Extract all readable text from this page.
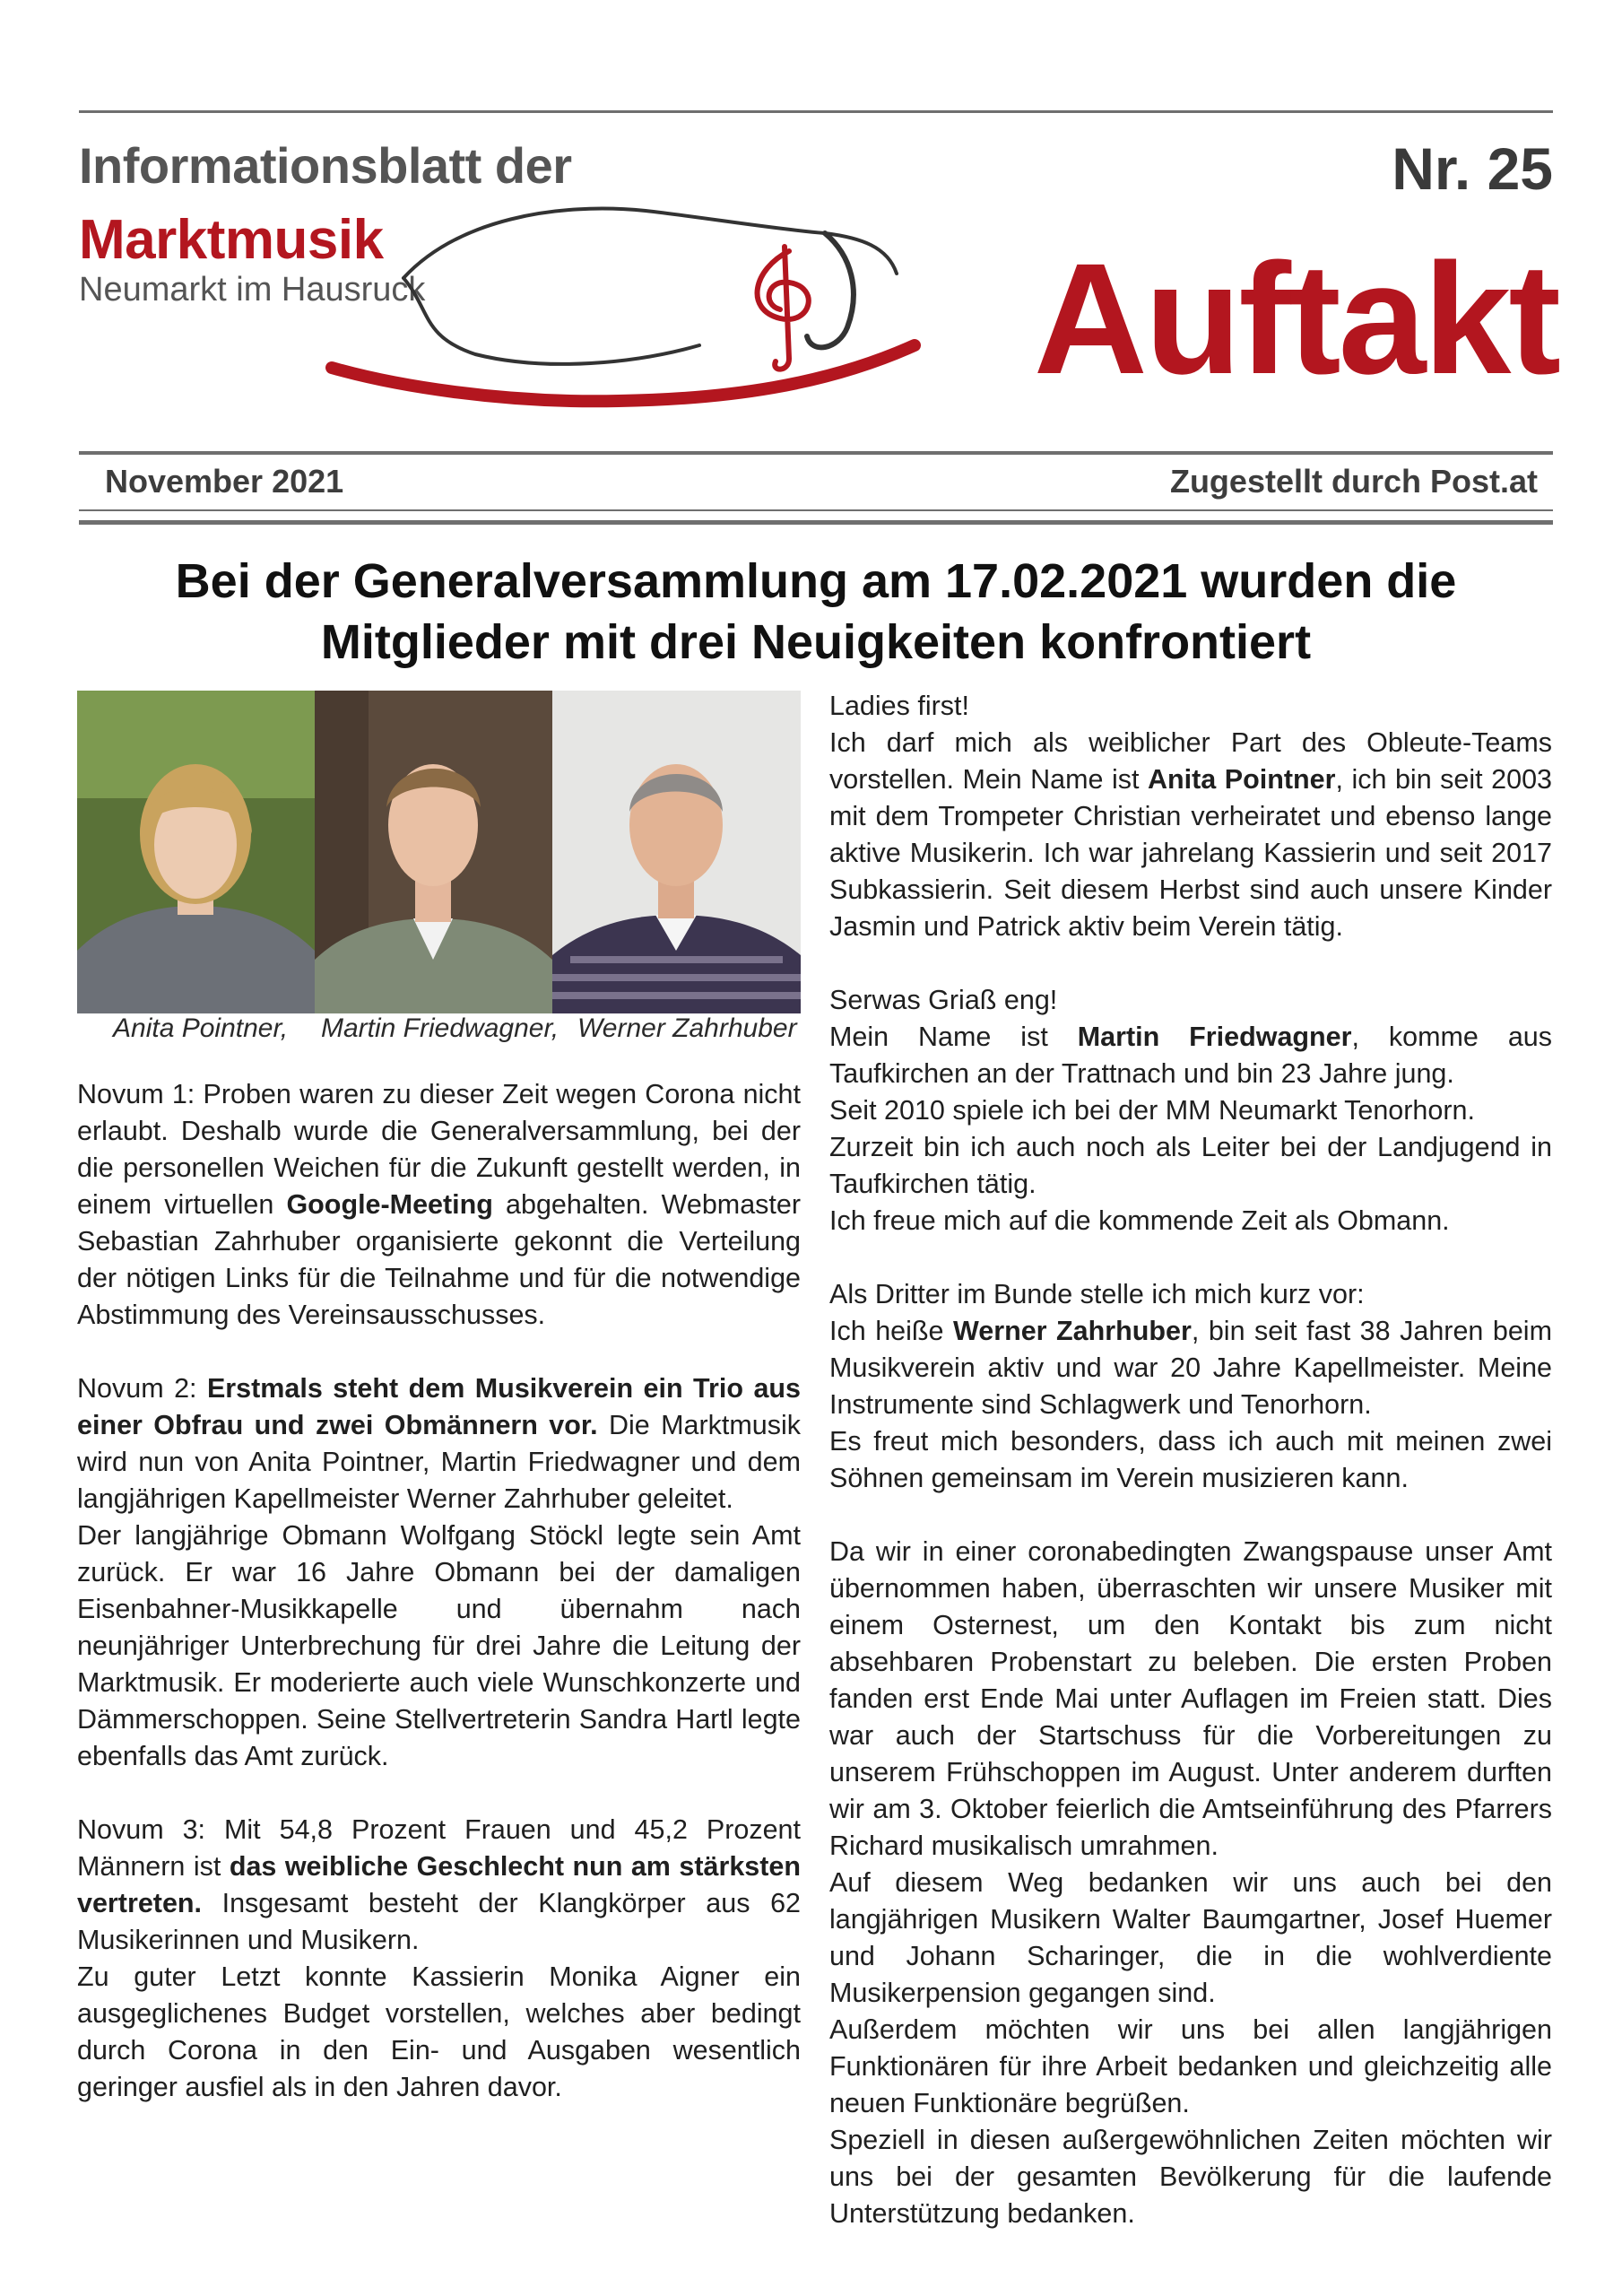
Informationsblatt der
Marktmusik
Neumarkt im Hausruck
Nr. 25
Auftakt
November 2021	Zugestellt durch Post.at
Bei der Generalversammlung am 17.02.2021 wurden die
Mitglieder mit drei Neuigkeiten konfrontiert
Anita Pointner, Martin Friedwagner, Werner Zahrhuber

Novum 1: Proben waren zu dieser Zeit wegen Corona nicht erlaubt. Deshalb wurde die Generalversammlung, bei der die personellen Weichen für die Zukunft gestellt werden, in einem virtuellen Google-Meeting abgehalten. Webmaster Sebastian Zahrhuber organisierte gekonnt die Verteilung der nötigen Links für die Teilnahme und für die notwendige Abstimmung des Vereinsausschusses.

Novum 2: Erstmals steht dem Musikverein ein Trio aus einer Obfrau und zwei Obmännern vor. Die Marktmusik wird nun von Anita Pointner, Martin Friedwagner und dem langjährigen Kapellmeister Werner Zahrhuber geleitet.
Der langjährige Obmann Wolfgang Stöckl legte sein Amt zurück. Er war 16 Jahre Obmann bei der damaligen Eisenbahner-Musikkapelle und übernahm nach neunjähriger Unterbrechung für drei Jahre die Leitung der Marktmusik. Er moderierte auch viele Wunschkonzerte und Dämmerschoppen. Seine Stellvertreterin Sandra Hartl legte ebenfalls das Amt zurück.

Novum 3: Mit 54,8 Prozent Frauen und 45,2 Prozent Männern ist das weibliche Geschlecht nun am stärksten vertreten. Insgesamt besteht der Klangkörper aus 62 Musikerinnen und Musikern.
Zu guter Letzt konnte Kassierin Monika Aigner ein ausgeglichenes Budget vorstellen, welches aber bedingt durch Corona in den Ein- und Ausgaben wesentlich geringer ausfiel als in den Jahren davor.

Ladies first!
Ich darf mich als weiblicher Part des Obleute-Teams vorstellen. Mein Name ist Anita Pointner, ich bin seit 2003 mit dem Trompeter Christian verheiratet und ebenso lange aktive Musikerin. Ich war jahrelang Kassierin und seit 2017 Subkassierin. Seit diesem Herbst sind auch unsere Kinder Jasmin und Patrick aktiv beim Verein tätig.

Serwas Griaß eng!
Mein Name ist Martin Friedwagner, komme aus Taufkirchen an der Trattnach und bin 23 Jahre jung.
Seit 2010 spiele ich bei der MM Neumarkt Tenorhorn.
Zurzeit bin ich auch noch als Leiter bei der Landjugend in Taufkirchen tätig.
Ich freue mich auf die kommende Zeit als Obmann.

Als Dritter im Bunde stelle ich mich kurz vor:
Ich heiße Werner Zahrhuber, bin seit fast 38 Jahren beim Musikverein aktiv und war 20 Jahre Kapellmeister. Meine Instrumente sind Schlagwerk und Tenorhorn.
Es freut mich besonders, dass ich auch mit meinen zwei Söhnen gemeinsam im Verein musizieren kann.

Da wir in einer coronabedingten Zwangspause unser Amt übernommen haben, überraschten wir unsere Musiker mit einem Osternest, um den Kontakt bis zum nicht absehbaren Probenstart zu beleben. Die ersten Proben fanden erst Ende Mai unter Auflagen im Freien statt. Dies war auch der Startschuss für die Vorbereitungen zu unserem Frühschoppen im August. Unter anderem durften wir am 3. Oktober feierlich die Amtseinführung des Pfarrers Richard musikalisch umrahmen.
Auf diesem Weg bedanken wir uns auch bei den langjährigen Musikern Walter Baumgartner, Josef Huemer und Johann Scharinger, die in die wohlverdiente Musikerpension gegangen sind.
Außerdem möchten wir uns bei allen langjährigen Funktionären für ihre Arbeit bedanken und gleichzeitig alle neuen Funktionäre begrüßen.
Speziell in diesen außergewöhnlichen Zeiten möchten wir uns bei der gesamten Bevölkerung für die laufende Unterstützung bedanken.
